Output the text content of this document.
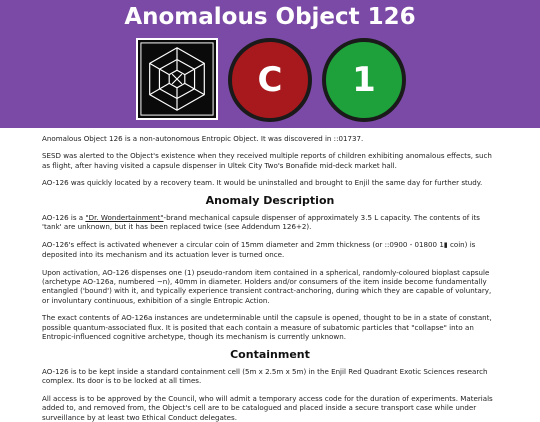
Anomalous Object 126
C	1

Anomalous Object 126 is a non-autonomous Entropic Object. It was discovered in ::01737.

SESD was alerted to the Object's existence when they received multiple reports of children exhibiting anomalous effects, such as flight, after having visited a capsule dispenser in Ultek City Two's Bonafide mid-deck market hall.

AO-126 was quickly located by a recovery team. It would be uninstalled and brought to Enjil the same day for further study.

Anomaly Description

AO-126 is a "Dr. Wondertainment"-brand mechanical capsule dispenser of approximately 3.5 L capacity. The contents of its 'tank' are unknown, but it has been replaced twice (see Addendum 126+2).

AO-126's effect is activated whenever a circular coin of 15mm diameter and 2mm thickness (or ::0900 - 01800 1▮ coin) is deposited into its mechanism and its actuation lever is turned once.

Upon activation, AO-126 dispenses one (1) pseudo-random item contained in a spherical, randomly-coloured bioplast capsule (archetype AO-126a, numbered ~n), 40mm in diameter. Holders and/or consumers of the item inside become fundamentally entangled ('bound') with it, and typically experience transient contract-anchoring, during which they are capable of voluntary, or involuntary continuous, exhibition of a single Entropic Action.

The exact contents of AO-126a instances are undeterminable until the capsule is opened, thought to be in a state of constant, possible quantum-associated flux. It is posited that each contain a measure of subatomic particles that "collapse" into an Entropic-influenced cognitive archetype, though its mechanism is currently unknown.

Containment

AO-126 is to be kept inside a standard containment cell (5m x 2.5m x 5m) in the Enjil Red Quadrant Exotic Sciences research complex. Its door is to be locked at all times.

All access is to be approved by the Council, who will admit a temporary access code for the duration of experiments. Materials added to, and removed from, the Object's cell are to be catalogued and placed inside a secure transport case while under surveillance by at least two Ethical Conduct delegates.
